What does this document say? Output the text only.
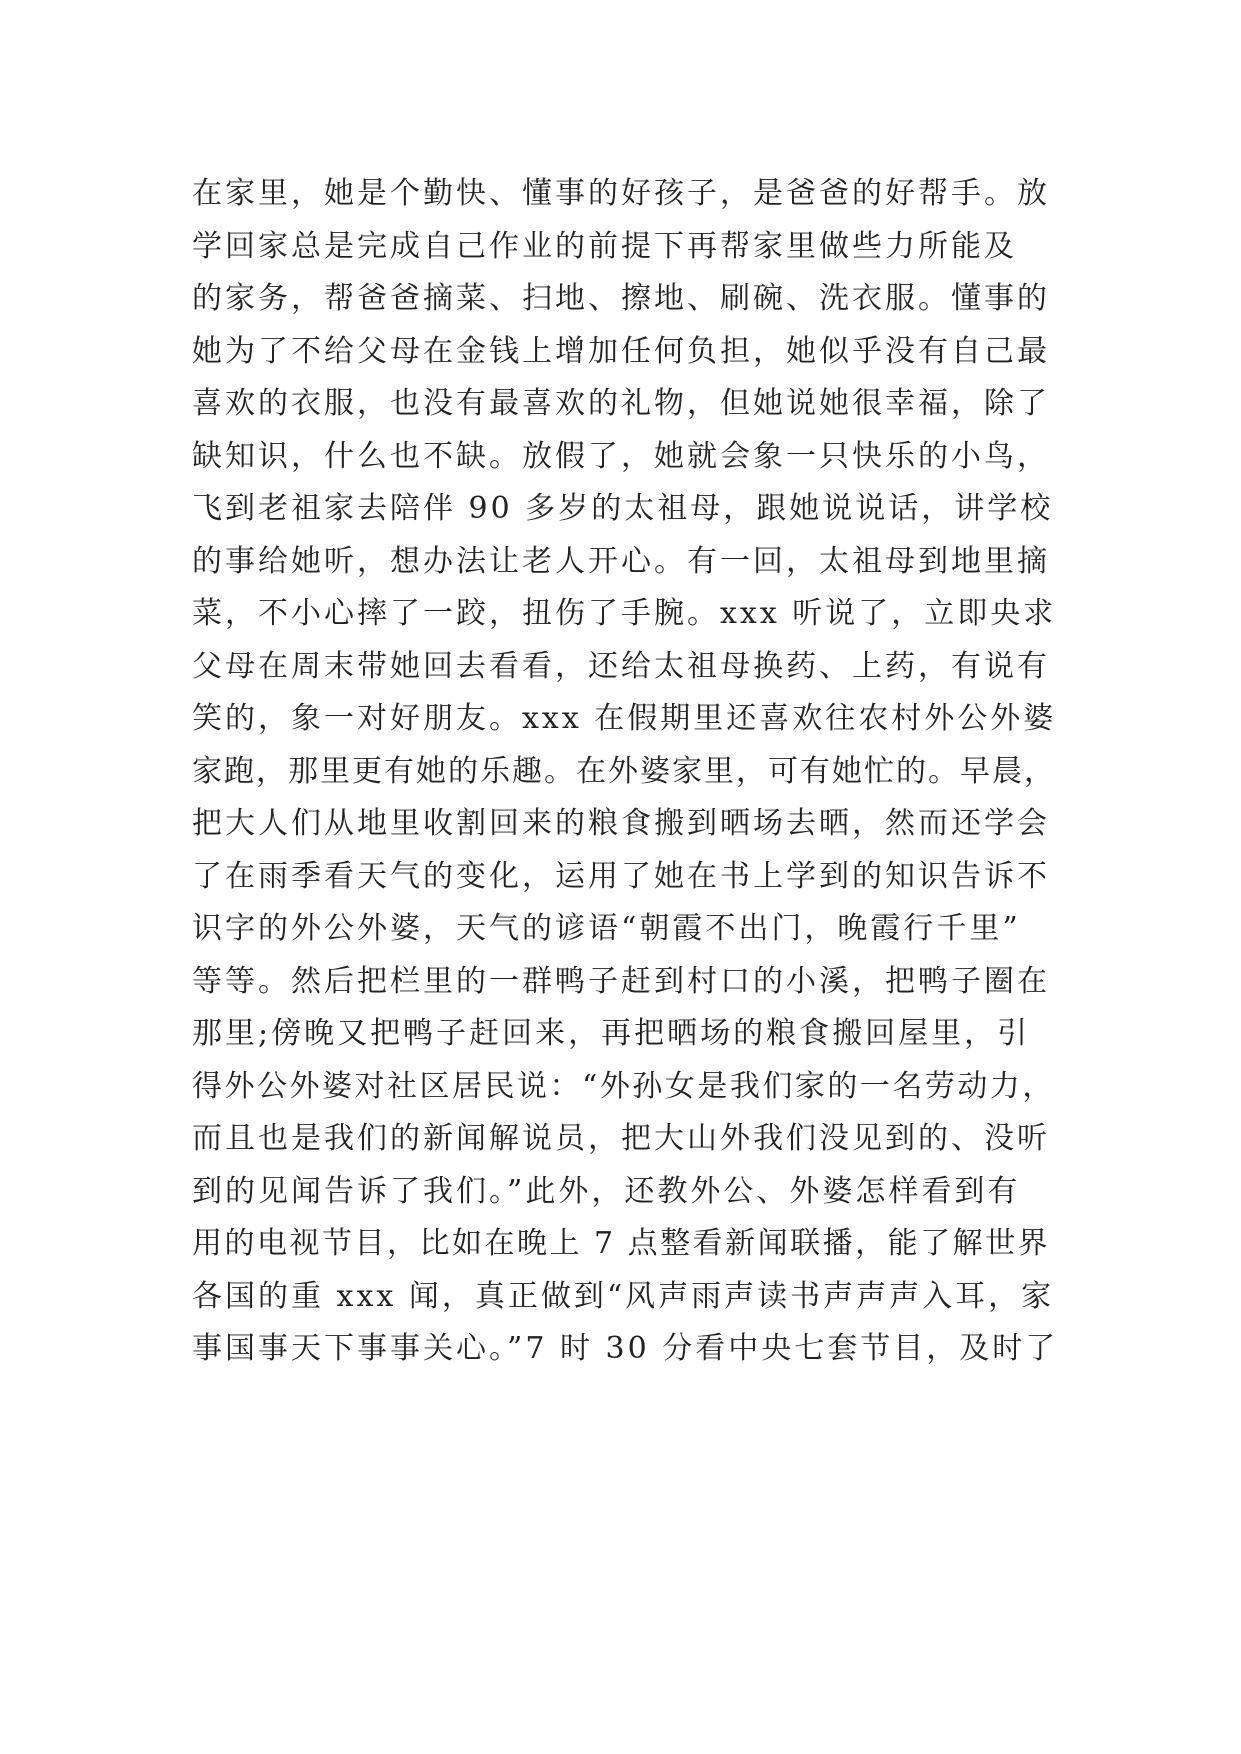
在家里，她是个勤快、懂事的好孩子，是爸爸的好帮手。放
学回家总是完成自己作业的前提下再帮家里做些力所能及
的家务，帮爸爸摘菜、扫地、擦地、刷碗、洗衣服。懂事的
她为了不给父母在金钱上增加任何负担，她似乎没有自己最
喜欢的衣服，也没有最喜欢的礼物，但她说她很幸福，除了
缺知识，什么也不缺。放假了，她就会象一只快乐的小鸟，
飞到老祖家去陪伴 90 多岁的太祖母，跟她说说话，讲学校
的事给她听，想办法让老人开心。有一回，太祖母到地里摘
菜，不小心摔了一跤，扭伤了手腕。xxx 听说了，立即央求
父母在周末带她回去看看，还给太祖母换药、上药，有说有
笑的，象一对好朋友。xxx 在假期里还喜欢往农村外公外婆
家跑，那里更有她的乐趣。在外婆家里，可有她忙的。早晨，
把大人们从地里收割回来的粮食搬到晒场去晒，然而还学会
了在雨季看天气的变化，运用了她在书上学到的知识告诉不
识字的外公外婆，天气的谚语“朝霞不出门，晚霞行千里”
等等。然后把栏里的一群鸭子赶到村口的小溪，把鸭子圈在
那里;傍晚又把鸭子赶回来，再把晒场的粮食搬回屋里，引
得外公外婆对社区居民说：“外孙女是我们家的一名劳动力，
而且也是我们的新闻解说员，把大山外我们没见到的、没听
到的见闻告诉了我们。”此外，还教外公、外婆怎样看到有
用的电视节目，比如在晚上 7 点整看新闻联播，能了解世界
各国的重 xxx 闻，真正做到“风声雨声读书声声声入耳，家
事国事天下事事关心。”7 时 30 分看中央七套节目，及时了
